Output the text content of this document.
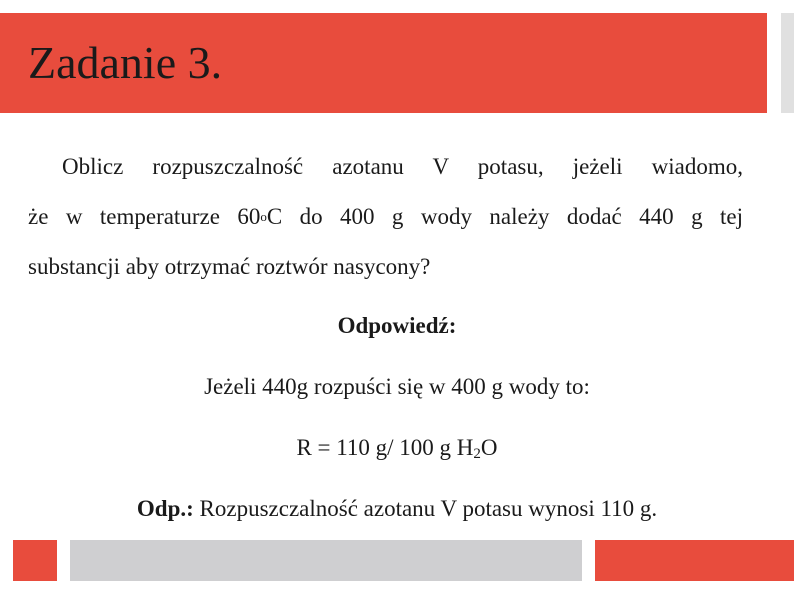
Zadanie 3.
Oblicz rozpuszczalność azotanu V potasu, jeżeli wiadomo,
że w temperaturze 60$^o$C do 400 g wody należy dodać 440 g tej
substancji aby otrzymać roztwór nasycony?
Odpowiedź:
Jeżeli 440g rozpuści się w 400 g wody to:
R = 110 g/ 100 g $H_2O$
Odp.: Rozpuszczalność azotanu V potasu wynosi 110 g.
